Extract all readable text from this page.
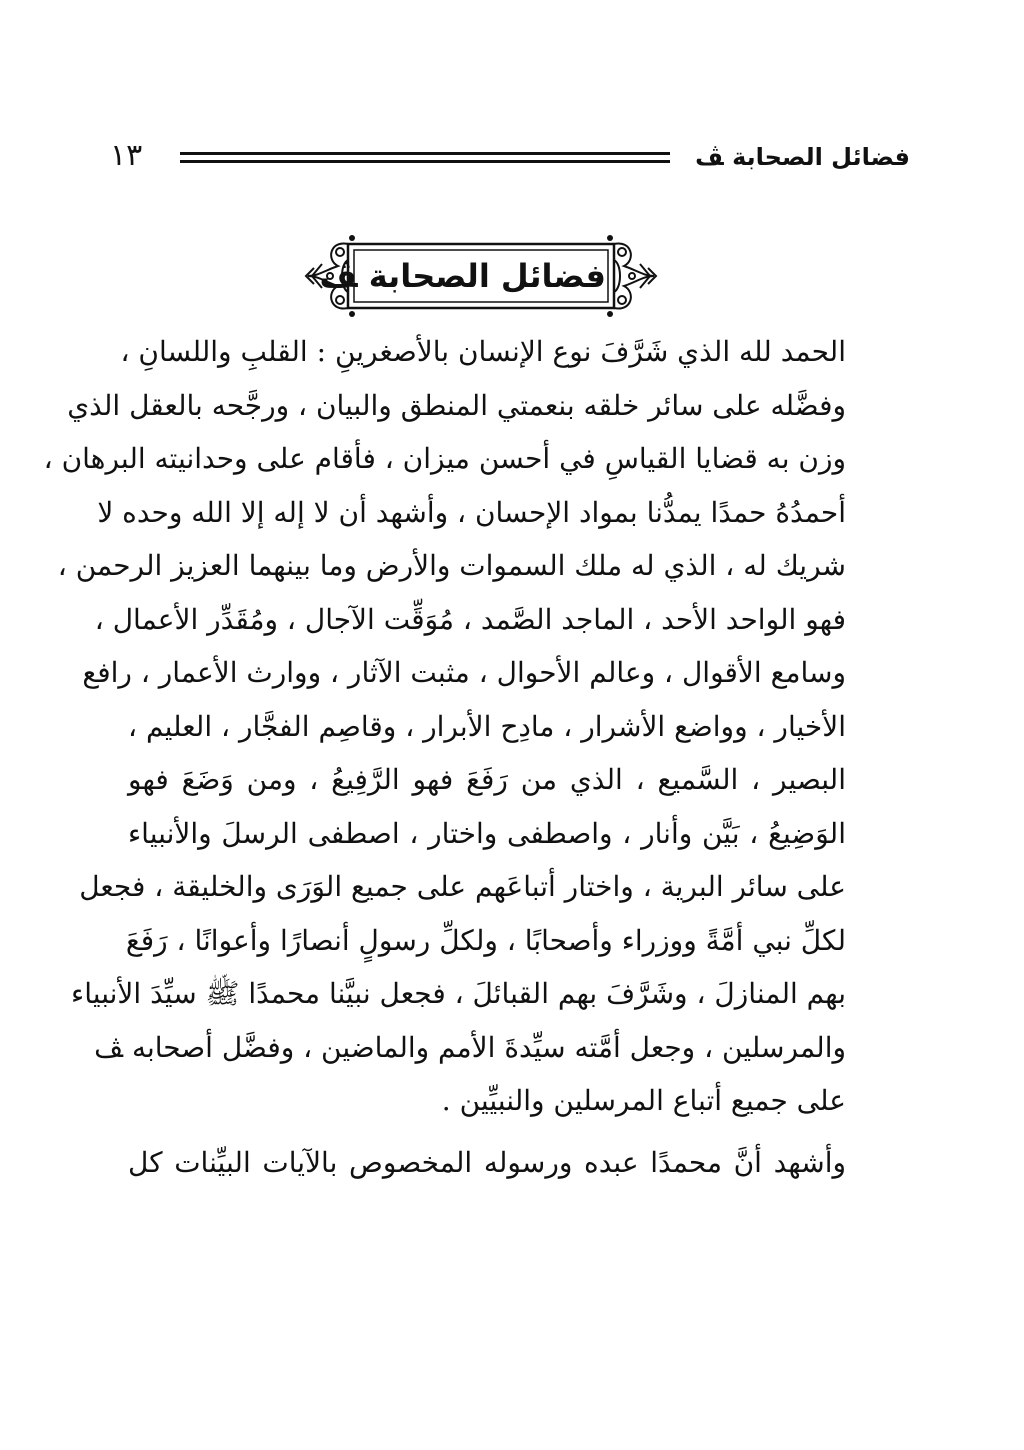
فضائل الصحابة ﭫ
١٣
فضائل الصحابة ﭫ
الحمد لله الذي شَرَّفَ نوع الإنسان بالأصغرينِ : القلبِ واللسانِ ،
وفضَّله على سائر خلقه بنعمتي المنطق والبيان ، ورجَّحه بالعقل الذي
وزن به قضايا القياسِ في أحسن ميزان ، فأقام على وحدانيته البرهان ،
أحمدُهُ حمدًا يمدُّنا بمواد الإحسان ، وأشهد أن لا إله إلا الله وحده لا
شريك له ، الذي له ملك السموات والأرض وما بينهما العزيز الرحمن ،
فهو الواحد الأحد ، الماجد الصَّمد ، مُوَقِّت الآجال ، ومُقَدِّر الأعمال ،
وسامع الأقوال ، وعالم الأحوال ، مثبت الآثار ، ووارث الأعمار ، رافع
الأخيار ، وواضع الأشرار ، مادِح الأبرار ، وقاصِم الفجَّار ، العليم ،
البصير ، السَّميع ، الذي من رَفَعَ فهو الرَّفِيعُ ، ومن وَضَعَ فهو
الوَضِيعُ ، بَيَّن وأنار ، واصطفى واختار ، اصطفى الرسلَ والأنبياء
على سائر البرية ، واختار أتباعَهم على جميع الوَرَى والخليقة ، فجعل
لكلِّ نبي أمَّةً ووزراء وأصحابًا ، ولكلِّ رسولٍ أنصارًا وأعوانًا ، رَفَعَ
بهم المنازلَ ، وشَرَّفَ بهم القبائلَ ، فجعل نبيَّنا محمدًا ﷺ سيِّدَ الأنبياء
والمرسلين ، وجعل أمَّته سيِّدةَ الأمم والماضين ، وفضَّل أصحابه ﭫ
على جميع أتباع المرسلين والنبيِّين .
وأشهد أنَّ محمدًا عبده ورسوله المخصوص بالآيات البيِّنات كل
